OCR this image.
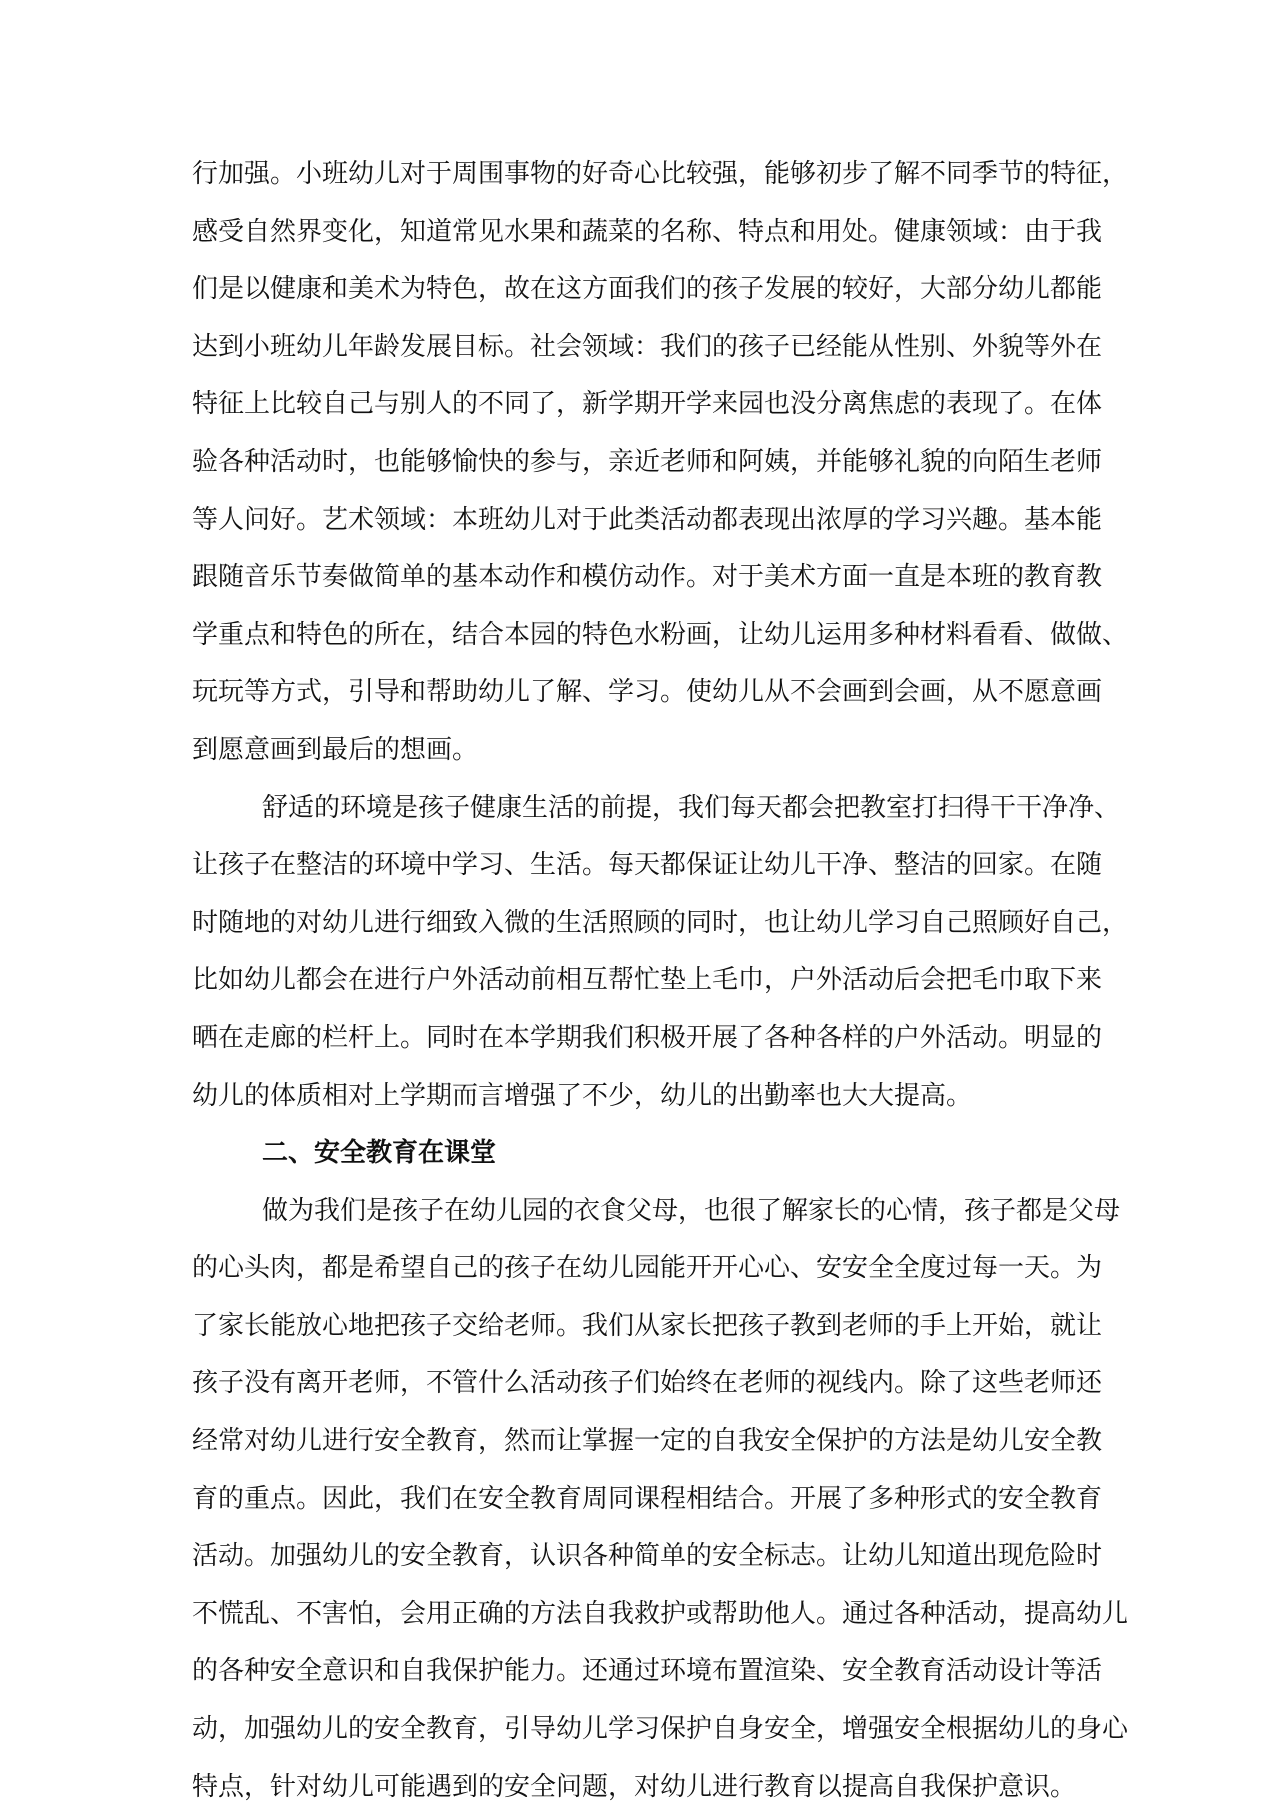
行加强。小班幼儿对于周围事物的好奇心比较强，能够初步了解不同季节的特征，
感受自然界变化，知道常见水果和蔬菜的名称、特点和用处。健康领域：由于我
们是以健康和美术为特色，故在这方面我们的孩子发展的较好，大部分幼儿都能
达到小班幼儿年龄发展目标。社会领域：我们的孩子已经能从性别、外貌等外在
特征上比较自己与别人的不同了，新学期开学来园也没分离焦虑的表现了。在体
验各种活动时，也能够愉快的参与，亲近老师和阿姨，并能够礼貌的向陌生老师
等人问好。艺术领域：本班幼儿对于此类活动都表现出浓厚的学习兴趣。基本能
跟随音乐节奏做简单的基本动作和模仿动作。对于美术方面一直是本班的教育教
学重点和特色的所在，结合本园的特色水粉画，让幼儿运用多种材料看看、做做、
玩玩等方式，引导和帮助幼儿了解、学习。使幼儿从不会画到会画，从不愿意画
到愿意画到最后的想画。
舒适的环境是孩子健康生活的前提，我们每天都会把教室打扫得干干净净、
让孩子在整洁的环境中学习、生活。每天都保证让幼儿干净、整洁的回家。在随
时随地的对幼儿进行细致入微的生活照顾的同时，也让幼儿学习自己照顾好自己，
比如幼儿都会在进行户外活动前相互帮忙垫上毛巾，户外活动后会把毛巾取下来
晒在走廊的栏杆上。同时在本学期我们积极开展了各种各样的户外活动。明显的
幼儿的体质相对上学期而言增强了不少，幼儿的出勤率也大大提高。
二、安全教育在课堂
做为我们是孩子在幼儿园的衣食父母，也很了解家长的心情，孩子都是父母
的心头肉，都是希望自己的孩子在幼儿园能开开心心、安安全全度过每一天。为
了家长能放心地把孩子交给老师。我们从家长把孩子教到老师的手上开始，就让
孩子没有离开老师，不管什么活动孩子们始终在老师的视线内。除了这些老师还
经常对幼儿进行安全教育，然而让掌握一定的自我安全保护的方法是幼儿安全教
育的重点。因此，我们在安全教育周同课程相结合。开展了多种形式的安全教育
活动。加强幼儿的安全教育，认识各种简单的安全标志。让幼儿知道出现危险时
不慌乱、不害怕，会用正确的方法自我救护或帮助他人。通过各种活动，提高幼儿
的各种安全意识和自我保护能力。还通过环境布置渲染、安全教育活动设计等活
动，加强幼儿的安全教育，引导幼儿学习保护自身安全，增强安全根据幼儿的身心
特点，针对幼儿可能遇到的安全问题，对幼儿进行教育以提高自我保护意识。
